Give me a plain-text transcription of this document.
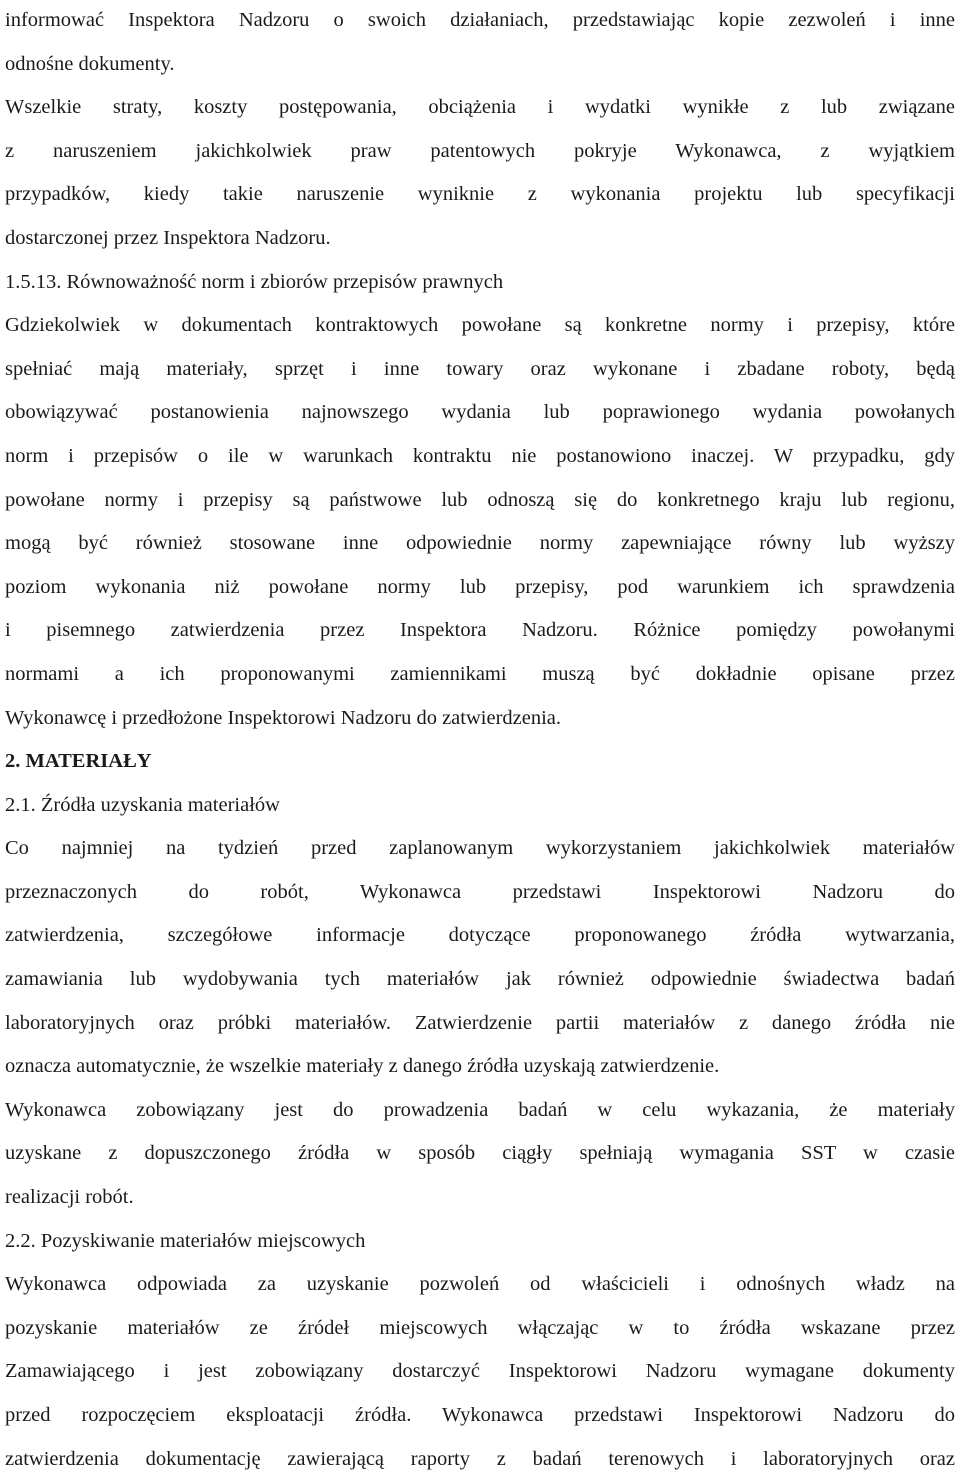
informować Inspektora Nadzoru o swoich działaniach, przedstawiając kopie zezwoleń i inne
odnośne dokumenty.
Wszelkie straty, koszty postępowania, obciążenia i wydatki wynikłe z lub związane
z naruszeniem jakichkolwiek praw patentowych pokryje Wykonawca, z wyjątkiem
przypadków, kiedy takie naruszenie wyniknie z wykonania projektu lub specyfikacji
dostarczonej przez Inspektora Nadzoru.
1.5.13. Równoważność norm i zbiorów przepisów prawnych
Gdziekolwiek w dokumentach kontraktowych powołane są konkretne normy i przepisy, które
spełniać mają materiały, sprzęt i inne towary oraz wykonane i zbadane roboty, będą
obowiązywać postanowienia najnowszego wydania lub poprawionego wydania powołanych
norm i przepisów o ile w warunkach kontraktu nie postanowiono inaczej. W przypadku, gdy
powołane normy i przepisy są państwowe lub odnoszą się do konkretnego kraju lub regionu,
mogą być również stosowane inne odpowiednie normy zapewniające równy lub wyższy
poziom wykonania niż powołane normy lub przepisy, pod warunkiem ich sprawdzenia
i pisemnego zatwierdzenia przez Inspektora Nadzoru. Różnice pomiędzy powołanymi
normami a ich proponowanymi zamiennikami muszą być dokładnie opisane przez
Wykonawcę i przedłożone Inspektorowi Nadzoru do zatwierdzenia.
2. MATERIAŁY
2.1. Źródła uzyskania materiałów
Co najmniej na tydzień przed zaplanowanym wykorzystaniem jakichkolwiek materiałów
przeznaczonych do robót, Wykonawca przedstawi Inspektorowi Nadzoru do
zatwierdzenia, szczegółowe informacje dotyczące proponowanego źródła wytwarzania,
zamawiania lub wydobywania tych materiałów jak również odpowiednie świadectwa badań
laboratoryjnych oraz próbki materiałów. Zatwierdzenie partii materiałów z danego źródła nie
oznacza automatycznie, że wszelkie materiały z danego źródła uzyskają zatwierdzenie.
Wykonawca zobowiązany jest do prowadzenia badań w celu wykazania, że materiały
uzyskane z dopuszczonego źródła w sposób ciągły spełniają wymagania SST w czasie
realizacji robót.
2.2. Pozyskiwanie materiałów miejscowych
Wykonawca odpowiada za uzyskanie pozwoleń od właścicieli i odnośnych władz na
pozyskanie materiałów ze źródeł miejscowych włączając w to źródła wskazane przez
Zamawiającego i jest zobowiązany dostarczyć Inspektorowi Nadzoru wymagane dokumenty
przed rozpoczęciem eksploatacji źródła. Wykonawca przedstawi Inspektorowi Nadzoru do
zatwierdzenia dokumentację zawierającą raporty z badań terenowych i laboratoryjnych oraz
